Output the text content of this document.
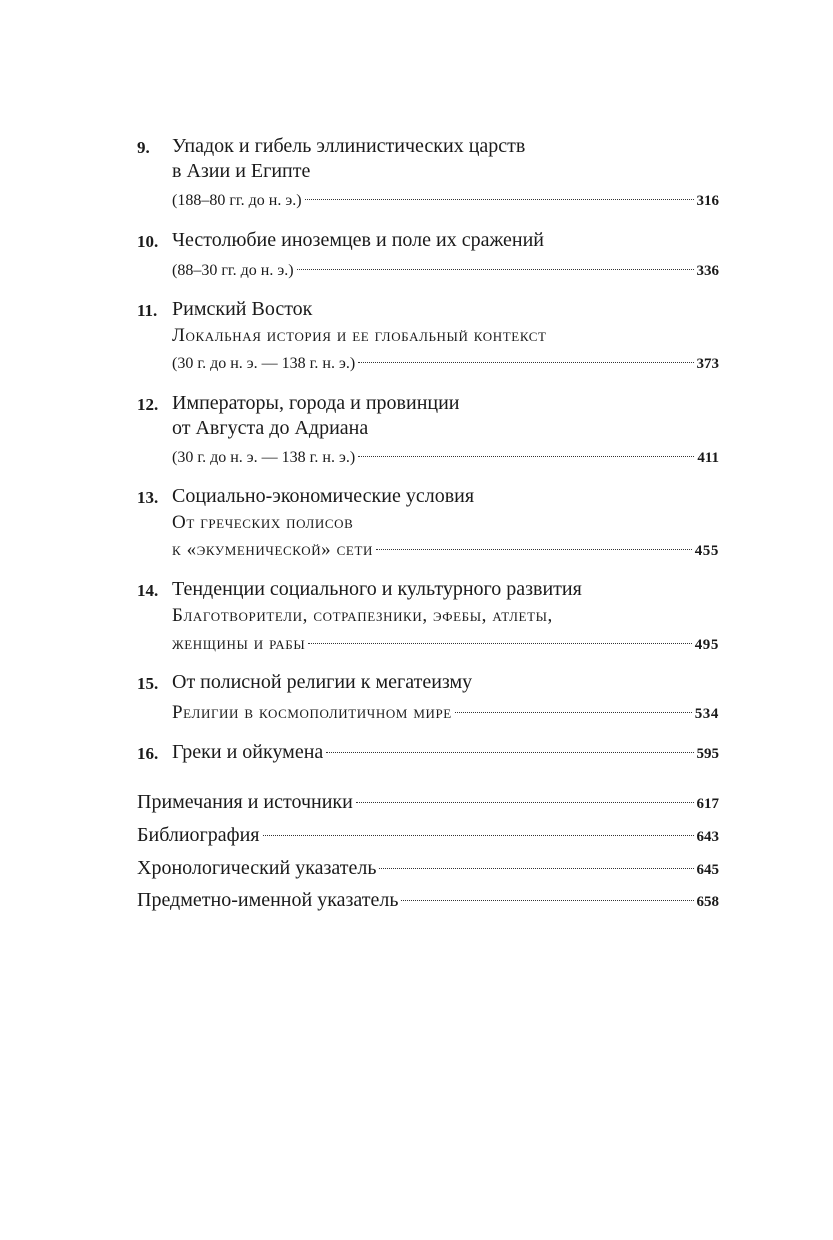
9. Упадок и гибель эллинистических царств
в Азии и Египте
(188–80 гг. до н. э.)	316
10. Честолюбие иноземцев и поле их сражений
(88–30 гг. до н. э.)	336
11. Римский Восток
Локальная история и ее глобальный контекст
(30 г. до н. э. — 138 г. н. э.)	373
12. Императоры, города и провинции
от Августа до Адриана
(30 г. до н. э. — 138 г. н. э.)	411
13. Социально-экономические условия
От греческих полисов
к «экуменической» сети	455
14. Тенденции социального и культурного развития
Благотворители, сотрапезники, эфебы, атлеты,
женщины и рабы	495
15. От полисной религии к мегатеизму
Религии в космополитичном мире	534
16. Греки и ойкумена	595
Примечания и источники	617
Библиография	643
Хронологический указатель	645
Предметно-именной указатель	658
